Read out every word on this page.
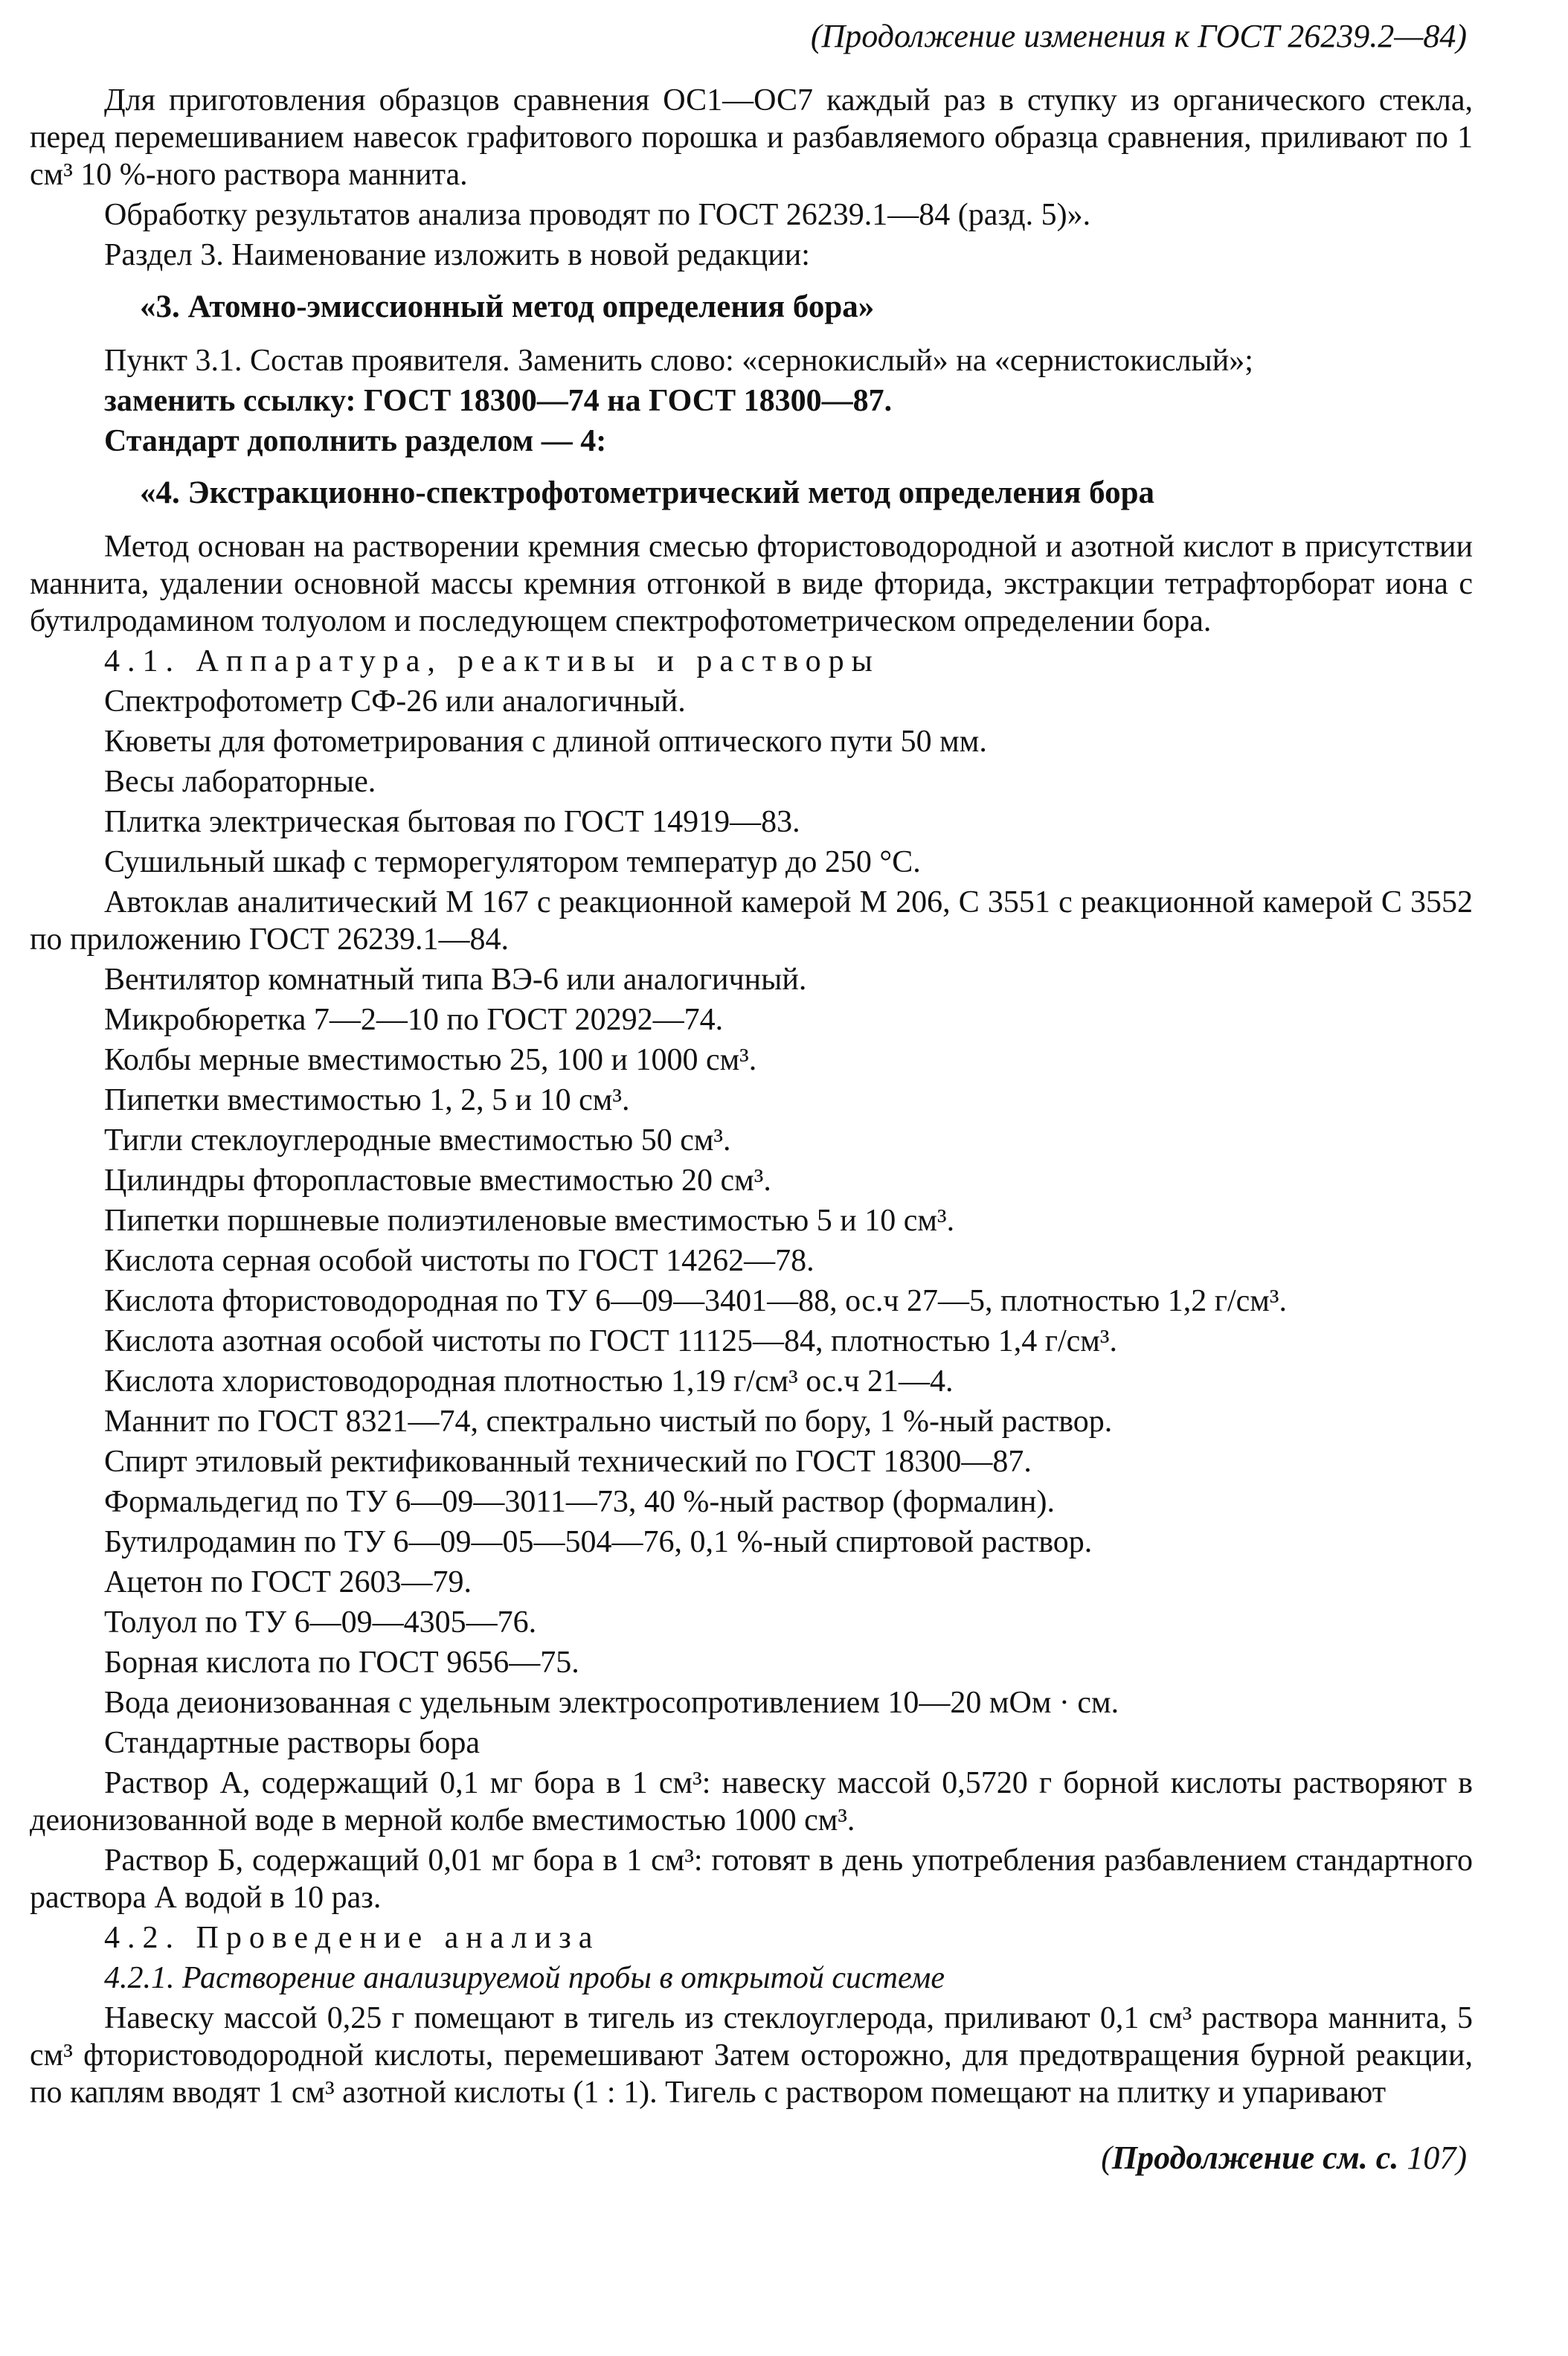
(Продолжение изменения к ГОСТ 26239.2—84)

Для приготовления образцов сравнения ОС1—ОС7 каждый раз в ступку из органического стекла, перед перемешиванием навесок графитового порошка и разбавляемого образца сравнения, приливают по 1 см³ 10 %-ного раствора маннита.

Обработку результатов анализа проводят по ГОСТ 26239.1—84 (разд. 5)».

Раздел 3. Наименование изложить в новой редакции:

«3. Атомно-эмиссионный метод определения бора»

Пункт 3.1. Состав проявителя. Заменить слово: «сернокислый» на «сернистокислый»;

заменить ссылку: ГОСТ 18300—74 на ГОСТ 18300—87.

Стандарт дополнить разделом — 4:

«4. Экстракционно-спектрофотометрический метод определения бора

Метод основан на растворении кремния смесью фтористоводородной и азотной кислот в присутствии маннита, удалении основной массы кремния отгонкой в виде фторида, экстракции тетрафторборат иона с бутилродамином толуолом и последующем спектрофотометрическом определении бора.

4.1. Аппаратура, реактивы и растворы

Спектрофотометр СФ-26 или аналогичный.

Кюветы для фотометрирования с длиной оптического пути 50 мм.

Весы лабораторные.

Плитка электрическая бытовая по ГОСТ 14919—83.

Сушильный шкаф с терморегулятором температур до 250 °С.

Автоклав аналитический М 167 с реакционной камерой М 206, С 3551 с реакционной камерой С 3552 по приложению ГОСТ 26239.1—84.

Вентилятор комнатный типа ВЭ-6 или аналогичный.

Микробюретка 7—2—10 по ГОСТ 20292—74.

Колбы мерные вместимостью 25, 100 и 1000 см³.

Пипетки вместимостью 1, 2, 5 и 10 см³.

Тигли стеклоуглеродные вместимостью 50 см³.

Цилиндры фторопластовые вместимостью 20 см³.

Пипетки поршневые полиэтиленовые вместимостью 5 и 10 см³.

Кислота серная особой чистоты по ГОСТ 14262—78.

Кислота фтористоводородная по ТУ 6—09—3401—88, ос.ч 27—5, плотностью 1,2 г/см³.

Кислота азотная особой чистоты по ГОСТ 11125—84, плотностью 1,4 г/см³.

Кислота хлористоводородная плотностью 1,19 г/см³ ос.ч 21—4.

Маннит по ГОСТ 8321—74, спектрально чистый по бору, 1 %-ный раствор.

Спирт этиловый ректификованный технический по ГОСТ 18300—87.

Формальдегид по ТУ 6—09—3011—73, 40 %-ный раствор (формалин).

Бутилродамин по ТУ 6—09—05—504—76, 0,1 %-ный спиртовой раствор.

Ацетон по ГОСТ 2603—79.

Толуол по ТУ 6—09—4305—76.

Борная кислота по ГОСТ 9656—75.

Вода деионизованная с удельным электросопротивлением 10—20 мОм · см.

Стандартные растворы бора

Раствор А, содержащий 0,1 мг бора в 1 см³: навеску массой 0,5720 г борной кислоты растворяют в деионизованной воде в мерной колбе вместимостью 1000 см³.

Раствор Б, содержащий 0,01 мг бора в 1 см³: готовят в день употребления разбавлением стандартного раствора А водой в 10 раз.

4.2. Проведение анализа

4.2.1. Растворение анализируемой пробы в открытой системе

Навеску массой 0,25 г помещают в тигель из стеклоуглерода, приливают 0,1 см³ раствора маннита, 5 см³ фтористоводородной кислоты, перемешивают Затем осторожно, для предотвращения бурной реакции, по каплям вводят 1 см³ азотной кислоты (1 : 1). Тигель с раствором помещают на плитку и упаривают

(Продолжение см. с. 107)
